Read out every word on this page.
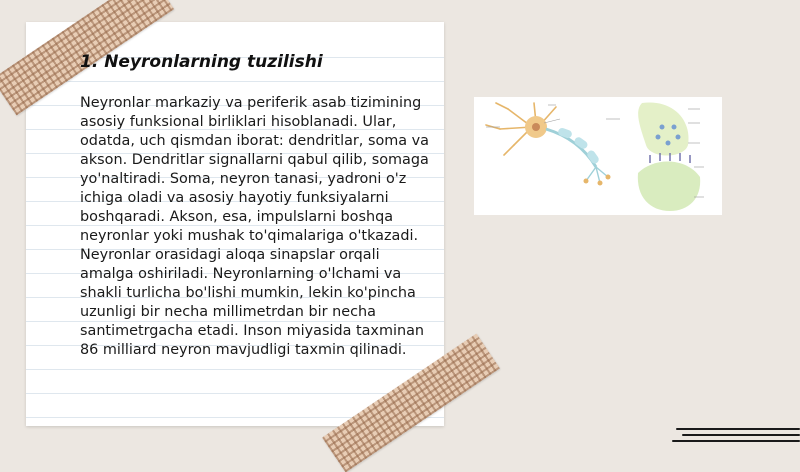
1. Neyronlarning tuzilishi

Neyronlar markaziy va periferik asab tizimining asosiy funksional birliklari hisoblanadi. Ular, odatda, uch qismdan iborat: dendritlar, soma va akson. Dendritlar signallarni qabul qilib, somaga yo'naltiradi. Soma, neyron tanasi, yadroni o'z ichiga oladi va asosiy hayotiy funksiyalarni boshqaradi. Akson, esa, impulslarni boshqa neyronlar yoki mushak to'qimalariga o'tkazadi. Neyronlar orasidagi aloqa sinapslar orqali amalga oshiriladi. Neyronlarning o'lchami va shakli turlicha bo'lishi mumkin, lekin ko'pincha uzunligi bir necha millimetrdan bir necha santimetrgacha etadi. Inson miyasida taxminan 86 milliard neyron mavjudligi taxmin qilinadi.
